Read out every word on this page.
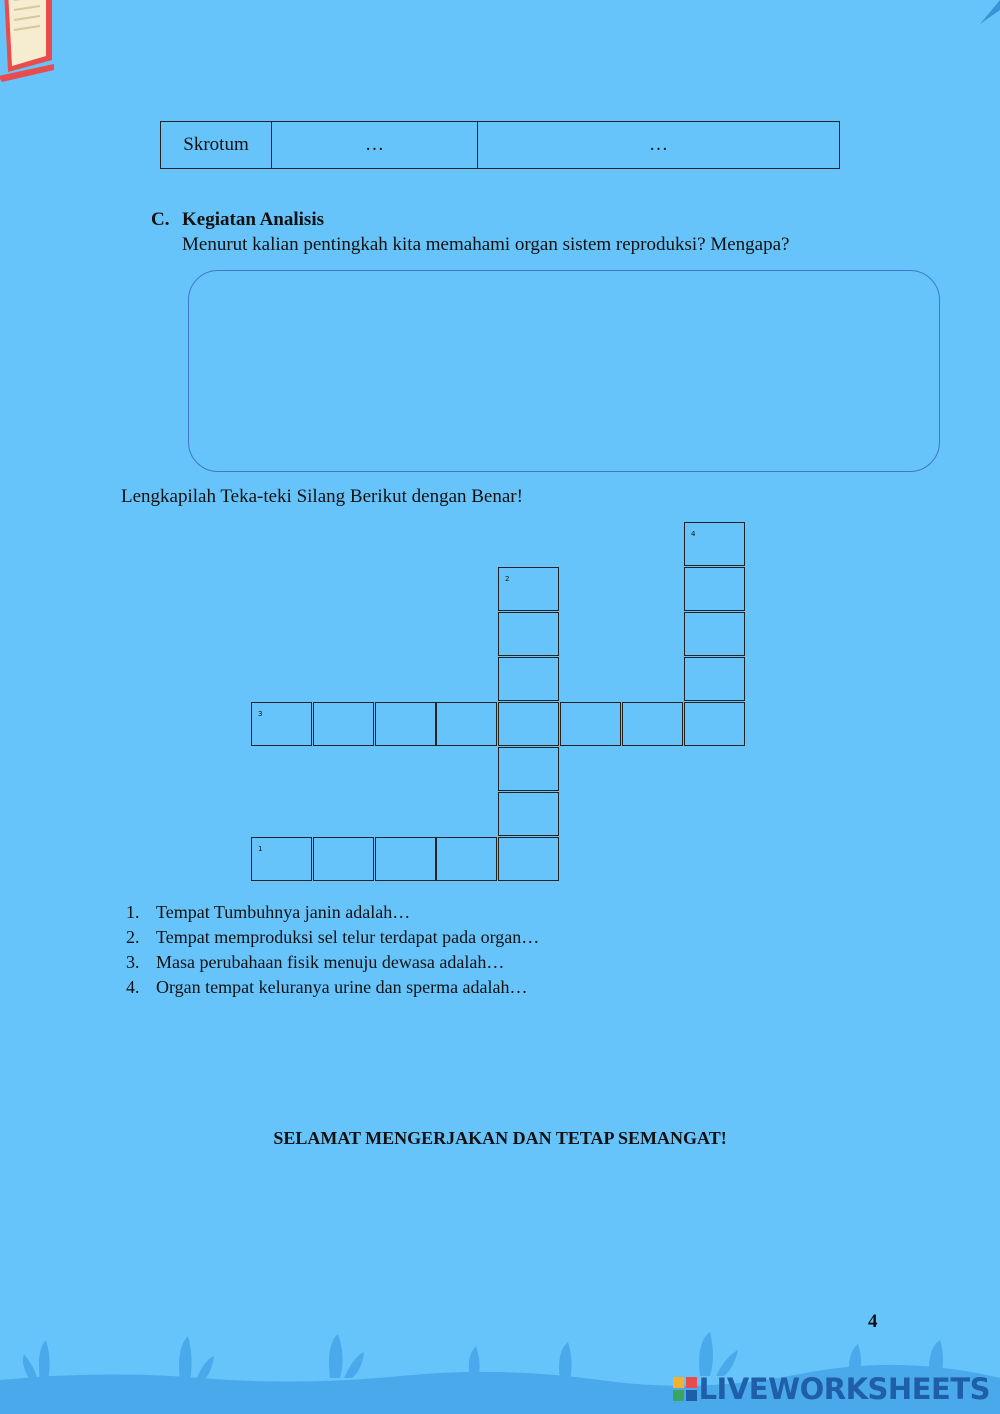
Skrotum	…	…
C. Kegiatan Analisis
Menurut kalian pentingkah kita memahami organ sistem reproduksi? Mengapa?
Lengkapilah Teka-teki Silang Berikut dengan Benar!
4
2
3
1
1. Tempat Tumbuhnya janin adalah…
2. Tempat memproduksi sel telur terdapat pada organ…
3. Masa perubahaan fisik menuju dewasa adalah…
4. Organ tempat keluranya urine dan sperma adalah…
SELAMAT MENGERJAKAN DAN TETAP SEMANGAT!
4
LIVEWORKSHEETS
